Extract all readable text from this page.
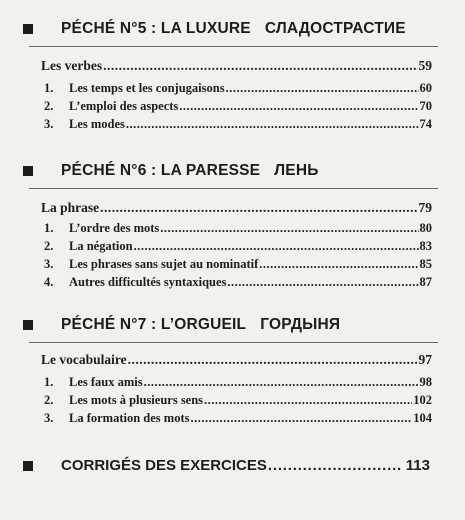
PÉCHÉ N°5 : LA LUXURE СЛАДОСТРАСТИЕ
Les verbes .....	59
1.	Les temps et les conjugaisons .....	60
2.	L’emploi des aspects .....	70
3.	Les modes .....	74
PÉCHÉ N°6 : LA PARESSE ЛЕНЬ
La phrase .....	79
1.	L’ordre des mots .....	80
2.	La négation .....	83
3.	Les phrases sans sujet au nominatif .....	85
4.	Autres difficultés syntaxiques .....	87
PÉCHÉ N°7 : L’ORGUEIL ГОРДЫНЯ
Le vocabulaire .....	97
1.	Les faux amis .....	98
2.	Les mots à plusieurs sens .....	102
3.	La formation des mots .....	104
CORRIGÉS DES EXERCICES .....	113
